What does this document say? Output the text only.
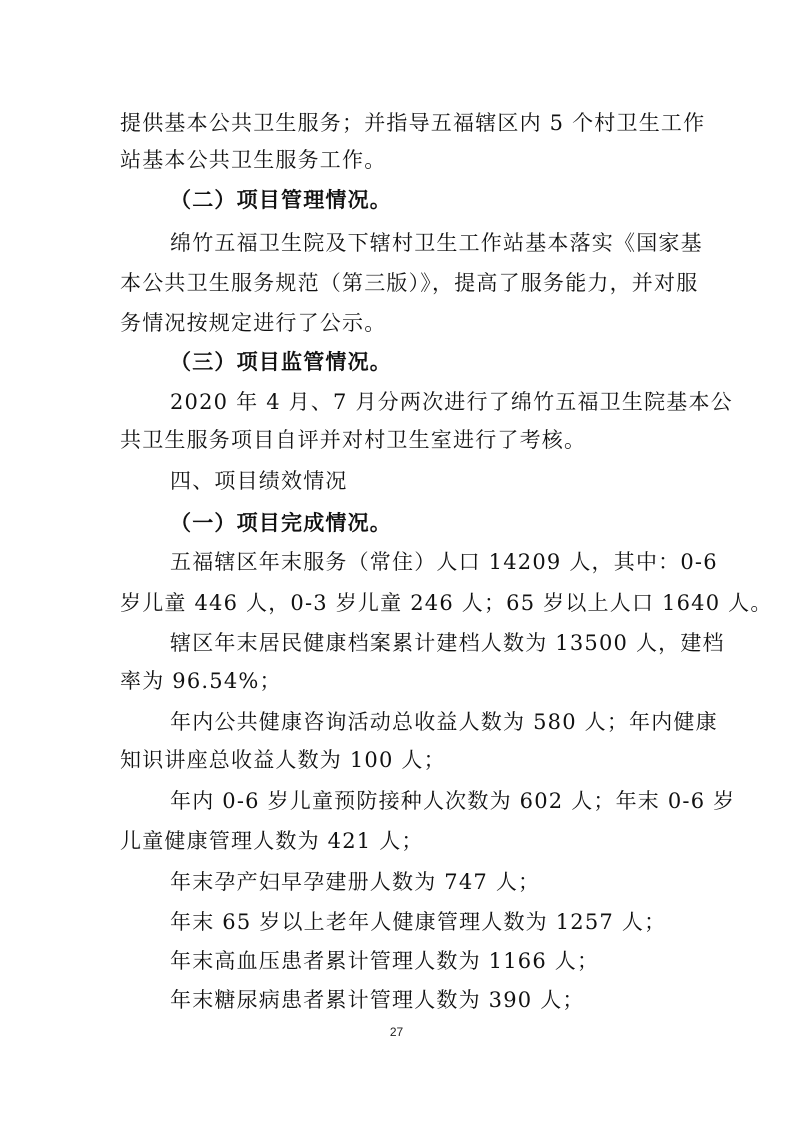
提供基本公共卫生服务；并指导五福辖区内 5 个村卫生工作
站基本公共卫生服务工作。
（二）项目管理情况。
绵竹五福卫生院及下辖村卫生工作站基本落实《国家基
本公共卫生服务规范（第三版）》，提高了服务能力，并对服
务情况按规定进行了公示。
（三）项目监管情况。
2020 年 4 月、7 月分两次进行了绵竹五福卫生院基本公
共卫生服务项目自评并对村卫生室进行了考核。
四、项目绩效情况
（一）项目完成情况。
五福辖区年末服务（常住）人口 14209 人，其中：0-6
岁儿童 446 人，0-3 岁儿童 246 人；65 岁以上人口 1640 人。
辖区年末居民健康档案累计建档人数为 13500 人，建档
率为 96.54%；
年内公共健康咨询活动总收益人数为 580 人；年内健康
知识讲座总收益人数为 100 人；
年内 0-6 岁儿童预防接种人次数为 602 人；年末 0-6 岁
儿童健康管理人数为 421 人；
年末孕产妇早孕建册人数为 747 人；
年末 65 岁以上老年人健康管理人数为 1257 人；
年末高血压患者累计管理人数为 1166 人；
年末糖尿病患者累计管理人数为 390 人；
27
